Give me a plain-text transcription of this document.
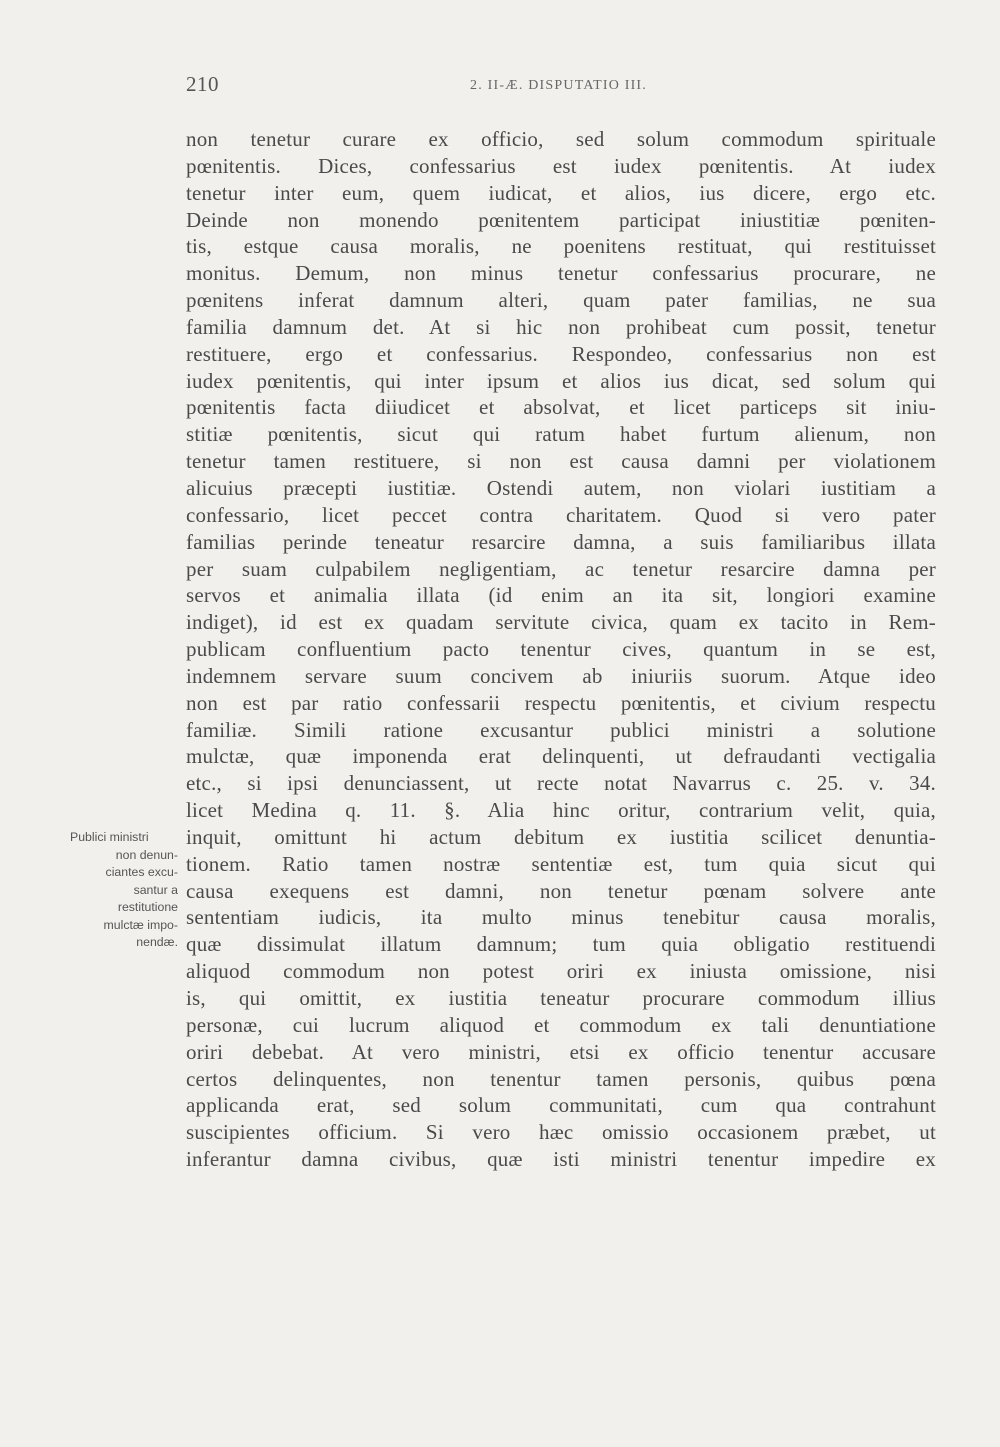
210	2. II-Æ. DISPUTATIO III.
Publici ministri
non denun-
ciantes excu-
santur a
restitutione
mulctæ impo-
nendæ.
non tenetur curare ex officio, sed solum commodum spirituale
pœnitentis. Dices, confessarius est iudex pœnitentis. At iudex
tenetur inter eum, quem iudicat, et alios, ius dicere, ergo etc.
Deinde non monendo pœnitentem participat iniustitiæ pœniten-
tis, estque causa moralis, ne poenitens restituat, qui restituisset
monitus. Demum, non minus tenetur confessarius procurare, ne
pœnitens inferat damnum alteri, quam pater familias, ne sua
familia damnum det. At si hic non prohibeat cum possit, tenetur
restituere, ergo et confessarius. Respondeo, confessarius non est
iudex pœnitentis, qui inter ipsum et alios ius dicat, sed solum qui
pœnitentis facta diiudicet et absolvat, et licet particeps sit iniu-
stitiæ pœnitentis, sicut qui ratum habet furtum alienum, non
tenetur tamen restituere, si non est causa damni per violationem
alicuius præcepti iustitiæ. Ostendi autem, non violari iustitiam a
confessario, licet peccet contra charitatem. Quod si vero pater
familias perinde teneatur resarcire damna, a suis familiaribus illata
per suam culpabilem negligentiam, ac tenetur resarcire damna per
servos et animalia illata (id enim an ita sit, longiori examine
indiget), id est ex quadam servitute civica, quam ex tacito in Rem-
publicam confluentium pacto tenentur cives, quantum in se est,
indemnem servare suum concivem ab iniuriis suorum. Atque ideo
non est par ratio confessarii respectu pœnitentis, et civium respectu
familiæ. Simili ratione excusantur publici ministri a solutione
mulctæ, quæ imponenda erat delinquenti, ut defraudanti vectigalia
etc., si ipsi denunciassent, ut recte notat Navarrus c. 25. v. 34.
licet Medina q. 11. §. Alia hinc oritur, contrarium velit, quia,
inquit, omittunt hi actum debitum ex iustitia scilicet denuntia-
tionem. Ratio tamen nostræ sententiæ est, tum quia sicut qui
causa exequens est damni, non tenetur pœnam solvere ante
sententiam iudicis, ita multo minus tenebitur causa moralis,
quæ dissimulat illatum damnum; tum quia obligatio restituendi
aliquod commodum non potest oriri ex iniusta omissione, nisi
is, qui omittit, ex iustitia teneatur procurare commodum illius
personæ, cui lucrum aliquod et commodum ex tali denuntiatione
oriri debebat. At vero ministri, etsi ex officio tenentur accusare
certos delinquentes, non tenentur tamen personis, quibus pœna
applicanda erat, sed solum communitati, cum qua contrahunt
suscipientes officium. Si vero hæc omissio occasionem præbet, ut
inferantur damna civibus, quæ isti ministri tenentur impedire ex
